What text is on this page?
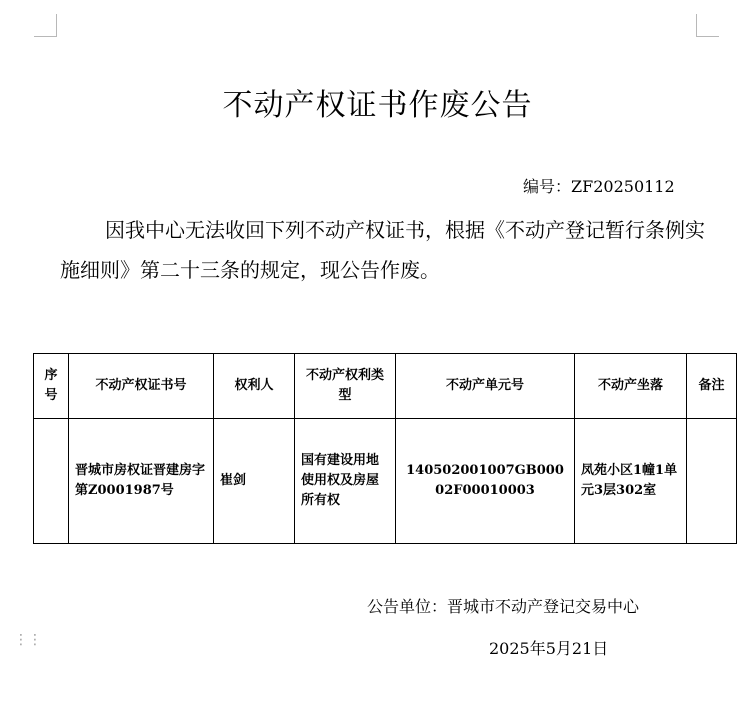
不动产权证书作废公告
编号：ZF20250112
因我中心无法收回下列不动产权证书，根据《不动产登记暂行条例实施细则》第二十三条的规定，现公告作废。
序号	不动产权证书号	权利人	不动产权利类型	不动产单元号	不动产坐落	备注
	晋城市房权证晋建房字第Z0001987号	崔剑	国有建设用地使用权及房屋所有权	140502001007GB00002F00010003	凤苑小区1幢1单元3层302室	
公告单位：晋城市不动产登记交易中心
2025年5月21日
⋮⋮
